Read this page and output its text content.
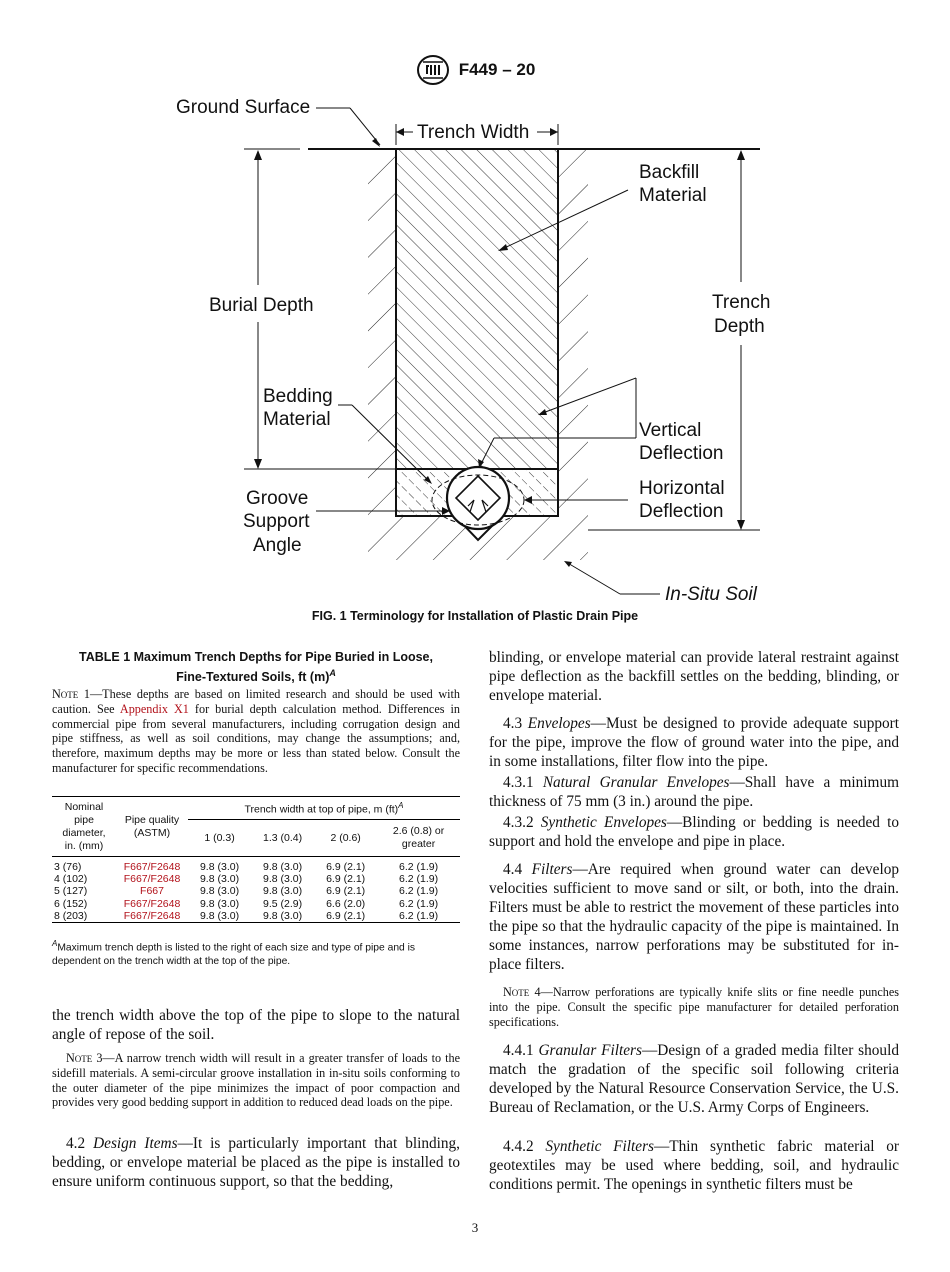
F449 – 20
Ground Surface
Trench Width
Backfill
Material
Burial Depth	Trench
Depth
Bedding
Material
Vertical
Deflection
Horizontal
Deflection
Groove
Support
Angle
In-Situ Soil
FIG. 1 Terminology for Installation of Plastic Drain Pipe
TABLE 1 Maximum Trench Depths for Pipe Buried in Loose,
Fine-Textured Soils, ft $(m)^A$
Note 1—These depths are based on limited research and should be used with caution. See Appendix X1 for burial depth calculation method. Differences in commercial pipe from several manufacturers, including corrugation design and pipe stiffness, as well as soil conditions, may change the assumptions; and, therefore, maximum depths may be more or less than stated below. Consult the manufacturer for specific recommendations.
Nominal
pipe
diameter,
in. (mm)	Pipe quality
(ASTM)	Trench width at top of pipe, m (ft)$^A$
		1 (0.3)	1.3 (0.4)	2 (0.6)	2.6 (0.8) or
greater
3 (76)	F667/F2648	9.8 (3.0)	9.8 (3.0)	6.9 (2.1)	6.2 (1.9)
4 (102)	F667/F2648	9.8 (3.0)	9.8 (3.0)	6.9 (2.1)	6.2 (1.9)
5 (127)	F667	9.8 (3.0)	9.8 (3.0)	6.9 (2.1)	6.2 (1.9)
6 (152)	F667/F2648	9.8 (3.0)	9.5 (2.9)	6.6 (2.0)	6.2 (1.9)
8 (203)	F667/F2648	9.8 (3.0)	9.8 (3.0)	6.9 (2.1)	6.2 (1.9)
$^A$Maximum trench depth is listed to the right of each size and type of pipe and is dependent on the trench width at the top of the pipe.

the trench width above the top of the pipe to slope to the natural angle of repose of the soil.

Note 3—A narrow trench width will result in a greater transfer of loads to the sidefill materials. A semi-circular groove installation in in-situ soils conforming to the outer diameter of the pipe minimizes the impact of poor compaction and provides very good bedding support in addition to reduced dead loads on the pipe.

4.2 Design Items—It is particularly important that blinding, bedding, or envelope material be placed as the pipe is installed to ensure uniform continuous support, so that the bedding,

blinding, or envelope material can provide lateral restraint against pipe deflection as the backfill settles on the bedding, blinding, or envelope material.

4.3 Envelopes—Must be designed to provide adequate support for the pipe, improve the flow of ground water into the pipe, and in some installations, filter flow into the pipe.

4.3.1 Natural Granular Envelopes—Shall have a minimum thickness of 75 mm (3 in.) around the pipe.

4.3.2 Synthetic Envelopes—Blinding or bedding is needed to support and hold the envelope and pipe in place.

4.4 Filters—Are required when ground water can develop velocities sufficient to move sand or silt, or both, into the drain. Filters must be able to restrict the movement of these particles into the pipe so that the hydraulic capacity of the pipe is maintained. In some instances, narrow perforations may be substituted for in-place filters.

Note 4—Narrow perforations are typically knife slits or fine needle punches into the pipe. Consult the specific pipe manufacturer for detailed perforation specifications.

4.4.1 Granular Filters—Design of a graded media filter should match the gradation of the specific soil following criteria developed by the Natural Resource Conservation Service, the U.S. Bureau of Reclamation, or the U.S. Army Corps of Engineers.

4.4.2 Synthetic Filters—Thin synthetic fabric material or geotextiles may be used where bedding, soil, and hydraulic conditions permit. The openings in synthetic filters must be

3
